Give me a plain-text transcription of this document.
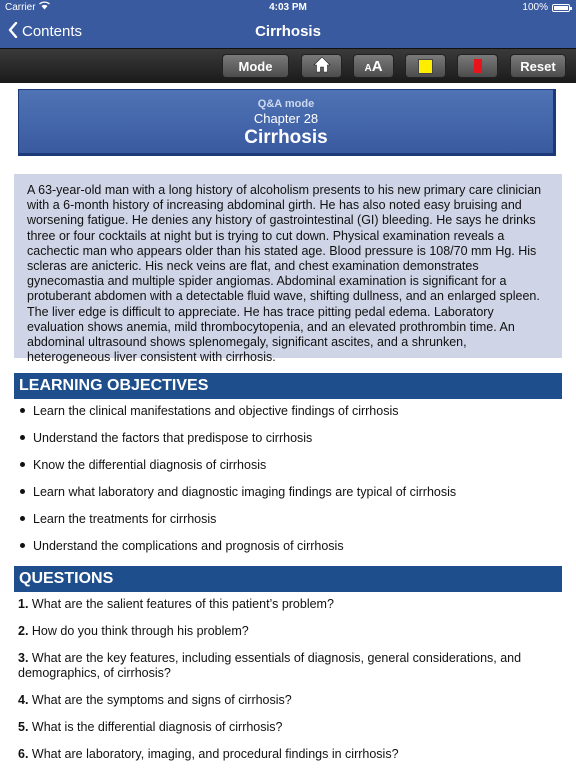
Carrier	4:03 PM	100%
Contents	Cirrhosis
Mode	A A	Reset
Q&A mode
Chapter 28
Cirrhosis
A 63-year-old man with a long history of alcoholism presents to his new primary care clinician with a 6-month history of increasing abdominal girth. He has also noted easy bruising and worsening fatigue. He denies any history of gastrointestinal (GI) bleeding. He says he drinks three or four cocktails at night but is trying to cut down. Physical examination reveals a cachectic man who appears older than his stated age. Blood pressure is 108/70 mm Hg. His scleras are anicteric. His neck veins are flat, and chest examination demonstrates gynecomastia and multiple spider angiomas. Abdominal examination is significant for a protuberant abdomen with a detectable fluid wave, shifting dullness, and an enlarged spleen. The liver edge is difficult to appreciate. He has trace pitting pedal edema. Laboratory evaluation shows anemia, mild thrombocytopenia, and an elevated prothrombin time. An abdominal ultrasound shows splenomegaly, significant ascites, and a shrunken, heterogeneous liver consistent with cirrhosis.
LEARNING OBJECTIVES
Learn the clinical manifestations and objective findings of cirrhosis
Understand the factors that predispose to cirrhosis
Know the differential diagnosis of cirrhosis
Learn what laboratory and diagnostic imaging findings are typical of cirrhosis
Learn the treatments for cirrhosis
Understand the complications and prognosis of cirrhosis
QUESTIONS
1. What are the salient features of this patient’s problem?
2. How do you think through his problem?
3. What are the key features, including essentials of diagnosis, general considerations, and demographics, of cirrhosis?
4. What are the symptoms and signs of cirrhosis?
5. What is the differential diagnosis of cirrhosis?
6. What are laboratory, imaging, and procedural findings in cirrhosis?
